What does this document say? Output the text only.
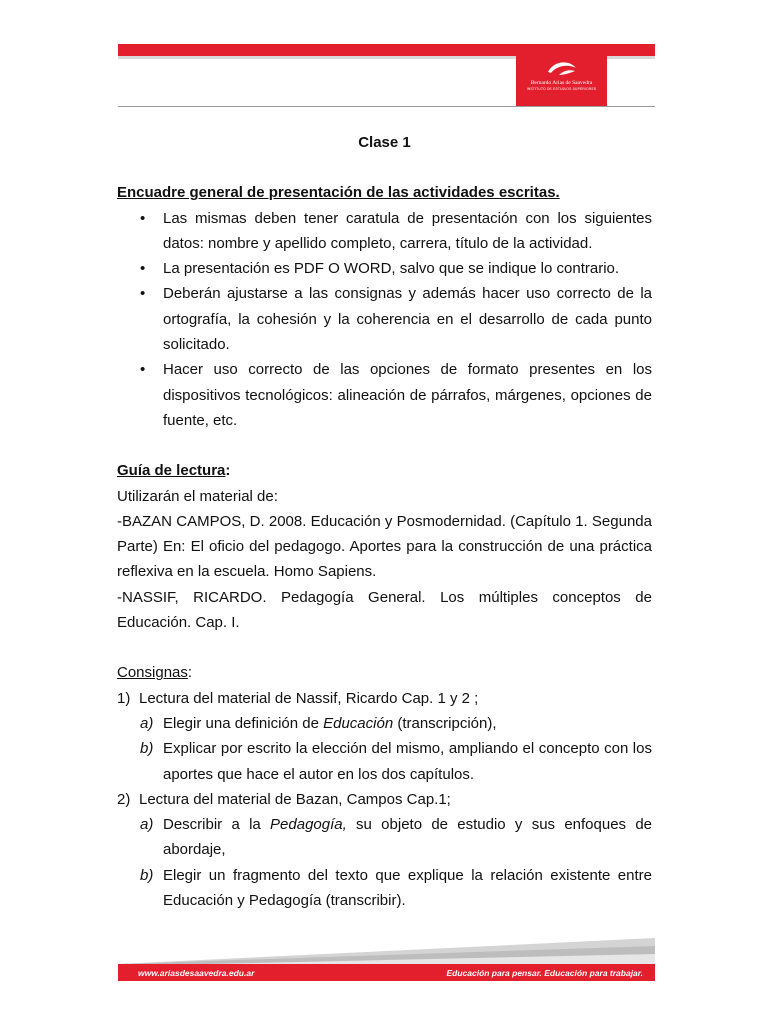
Bernardo Arias de Saavedra
INSTITUTO DE ESTUDIOS SUPERIORES

Clase 1

Encuadre general de presentación de las actividades escritas.

• Las mismas deben tener caratula de presentación con los siguientes datos: nombre y apellido completo, carrera, título de la actividad.
• La presentación es PDF O WORD, salvo que se indique lo contrario.
• Deberán ajustarse a las consignas y además hacer uso correcto de la ortografía, la cohesión y la coherencia en el desarrollo de cada punto solicitado.
• Hacer uso correcto de las opciones de formato presentes en los dispositivos tecnológicos: alineación de párrafos, márgenes, opciones de fuente, etc.

Guía de lectura:

Utilizarán el material de:

-BAZAN CAMPOS, D. 2008. Educación y Posmodernidad. (Capítulo 1. Segunda Parte) En: El oficio del pedagogo. Aportes para la construcción de una práctica reflexiva en la escuela. Homo Sapiens.

-NASSIF, RICARDO. Pedagogía General. Los múltiples conceptos de Educación. Cap. I.

Consignas:

1) Lectura del material de Nassif, Ricardo Cap. 1 y 2 ;

a) Elegir una definición de Educación (transcripción),

b) Explicar por escrito la elección del mismo, ampliando el concepto con los aportes que hace el autor en los dos capítulos.

2) Lectura del material de Bazan, Campos Cap.1;

a) Describir a la Pedagogía, su objeto de estudio y sus enfoques de abordaje,

b) Elegir un fragmento del texto que explique la relación existente entre Educación y Pedagogía (transcribir).

www.ariasdesaavedra.edu.ar	Educación para pensar. Educación para trabajar.
